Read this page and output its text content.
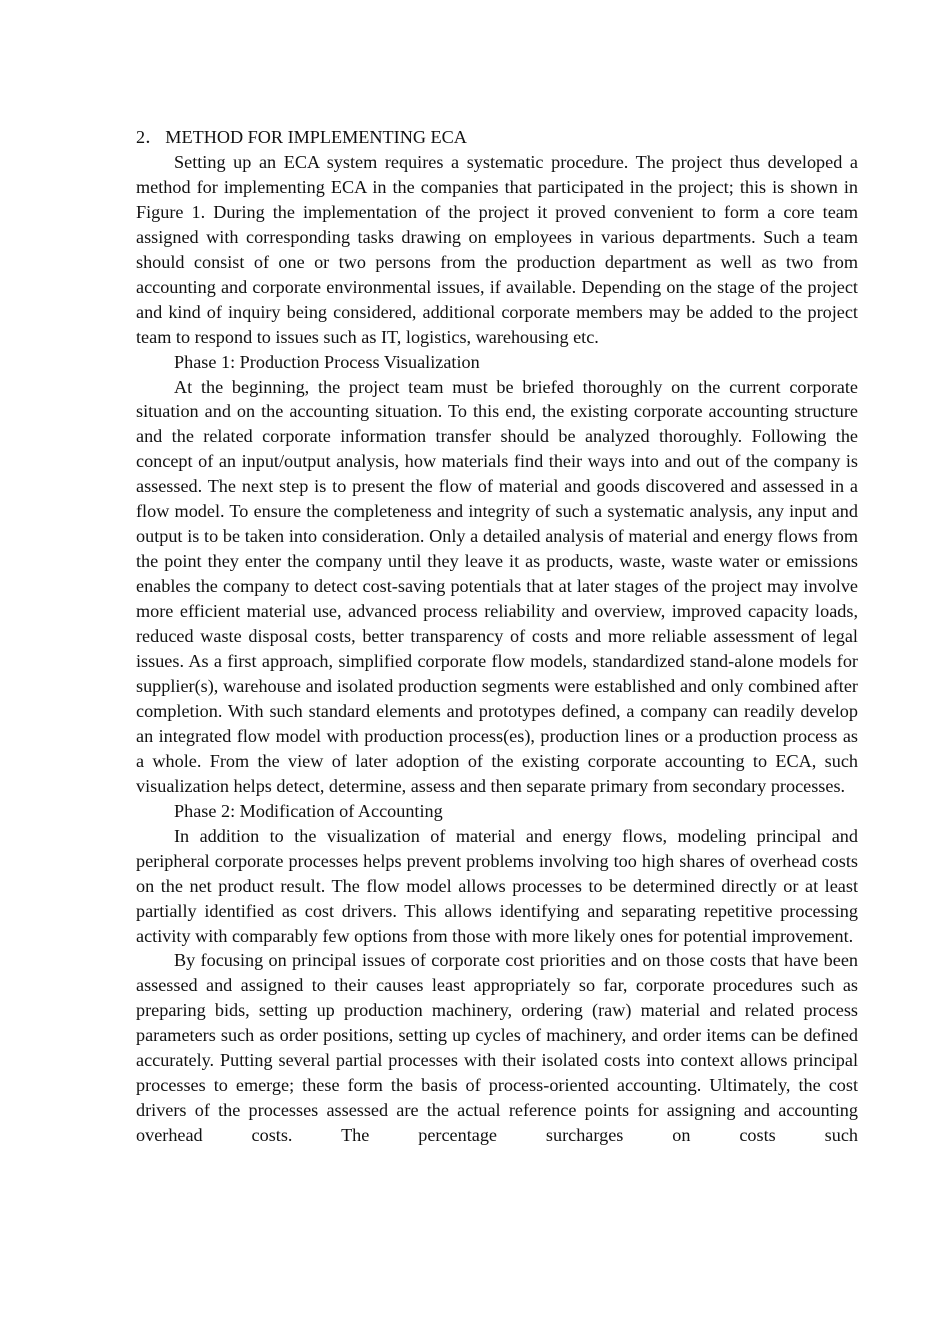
2． METHOD FOR IMPLEMENTING ECA

Setting up an ECA system requires a systematic procedure. The project thus developed a method for implementing ECA in the companies that participated in the project; this is shown in Figure 1. During the implementation of the project it proved convenient to form a core team assigned with corresponding tasks drawing on employees in various departments. Such a team should consist of one or two persons from the production department as well as two from accounting and corporate environmental issues, if available. Depending on the stage of the project and kind of inquiry being considered, additional corporate members may be added to the project team to respond to issues such as IT, logistics, warehousing etc.

Phase 1: Production Process Visualization

At the beginning, the project team must be briefed thoroughly on the current corporate situation and on the accounting situation. To this end, the existing corporate accounting structure and the related corporate information transfer should be analyzed thoroughly. Following the concept of an input/output analysis, how materials find their ways into and out of the company is assessed. The next step is to present the flow of material and goods discovered and assessed in a flow model. To ensure the completeness and integrity of such a systematic analysis, any input and output is to be taken into consideration. Only a detailed analysis of material and energy flows from the point they enter the company until they leave it as products, waste, waste water or emissions enables the company to detect cost-saving potentials that at later stages of the project may involve more efficient material use, advanced process reliability and overview, improved capacity loads, reduced waste disposal costs, better transparency of costs and more reliable assessment of legal issues. As a first approach, simplified corporate flow models, standardized stand-alone models for supplier(s), warehouse and isolated production segments were established and only combined after completion. With such standard elements and prototypes defined, a company can readily develop an integrated flow model with production process(es), production lines or a production process as a whole. From the view of later adoption of the existing corporate accounting to ECA, such visualization helps detect, determine, assess and then separate primary from secondary processes.

Phase 2: Modification of Accounting

In addition to the visualization of material and energy flows, modeling principal and peripheral corporate processes helps prevent problems involving too high shares of overhead costs on the net product result. The flow model allows processes to be determined directly or at least partially identified as cost drivers. This allows identifying and separating repetitive processing activity with comparably few options from those with more likely ones for potential improvement.

By focusing on principal issues of corporate cost priorities and on those costs that have been assessed and assigned to their causes least appropriately so far, corporate procedures such as preparing bids, setting up production machinery, ordering (raw) material and related process parameters such as order positions, setting up cycles of machinery, and order items can be defined accurately. Putting several partial processes with their isolated costs into context allows principal processes to emerge; these form the basis of process-oriented accounting. Ultimately, the cost drivers of the processes assessed are the actual reference points for assigning and accounting overhead costs. The percentage surcharges on costs such
